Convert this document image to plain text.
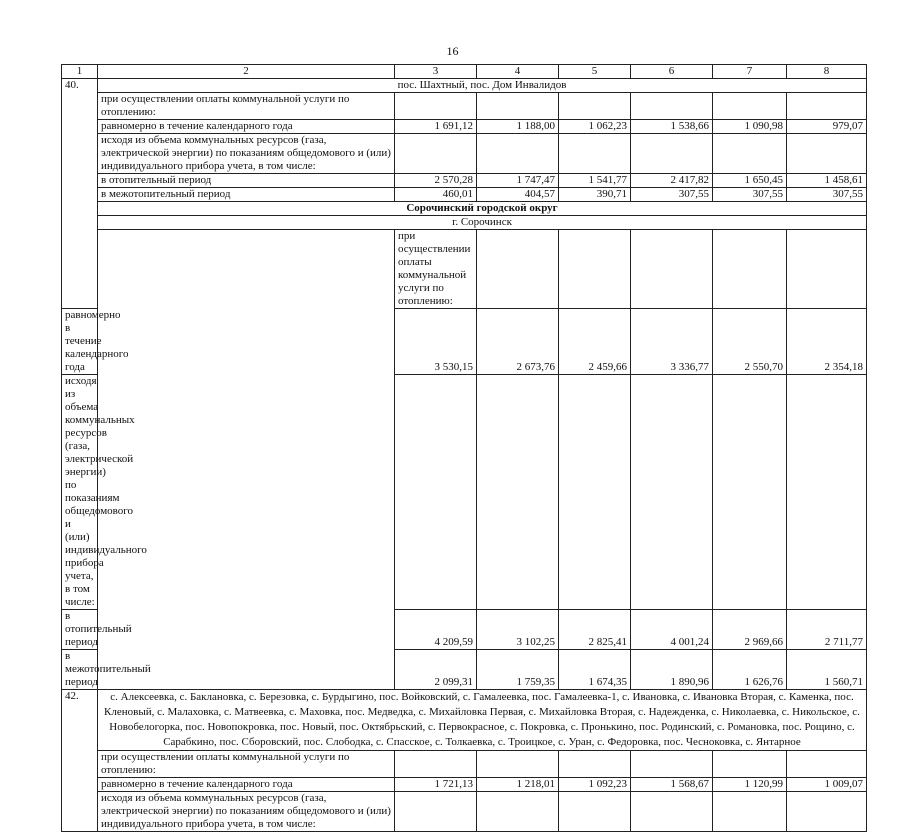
16
1	2	3	4	5	6	7	8	
40.	пос. Шахтный, пос. Дом Инвалидов							
	при осуществлении оплаты коммунальной услуги по отоплению:							
	равномерно в течение календарного года	1 691,12	1 188,00	1 062,23	1 538,66	1 090,98	979,07	
	исходя из объема коммунальных ресурсов (газа, электрической энергии) по показаниям общедомового и (или) индивидуального прибора учета, в том числе:							
	в отопительный период	2 570,28	1 747,47	1 541,77	2 417,82	1 650,45	1 458,61	
	в межотопительный период	460,01	404,57	390,71	307,55	307,55	307,55	
	Сорочинский городской округ							
	г. Сорочинск							
		при осуществлении оплаты коммунальной услуги по отоплению:						
равномерно в течение календарного года		3 530,15	2 673,76	2 459,66	3 336,77	2 550,70	2 354,18	
исходя из объема коммунальных ресурсов (газа, электрической энергии) по показаниям общедомового и (или) индивидуального прибора учета, в том числе:								
в отопительный период		4 209,59	3 102,25	2 825,41	4 001,24	2 969,66	2 711,77	
в межотопительный период		2 099,31	1 759,35	1 674,35	1 890,96	1 626,76	1 560,71	
42.	с. Алексеевка, с. Баклановка, с. Березовка, с. Бурдыгино, пос. Войковский, с. Гамалеевка, пос. Гамалеевка-1, с. Ивановка, с. Ивановка Вторая, с. Каменка, пос. Кленовый, с. Малаховка, с. Матвеевка, с. Маховка, пос. Медведка, с. Михайловка Первая, с. Михайловка Вторая, с. Надежденка, с. Николаевка, с. Никольское, с. Новобелогорка, пос. Новопокровка, пос. Новый, пос. Октябрьский, с. Первокрасное, с. Покровка, с. Пронькино, пос. Родинский, с. Романовка, пос. Рощино, с. Сарабкино, пос. Сборовский, пос. Слободка, с. Спасское, с. Толкаевка, с. Троицкое, с. Уран, с. Федоровка, пос. Чесноковка, с. Янтарное							
	при осуществлении оплаты коммунальной услуги по отоплению:							
	равномерно в течение календарного года	1 721,13	1 218,01	1 092,23	1 568,67	1 120,99	1 009,07	
	исходя из объема коммунальных ресурсов (газа, электрической энергии) по показаниям общедомового и (или) индивидуального прибора учета, в том числе:							
